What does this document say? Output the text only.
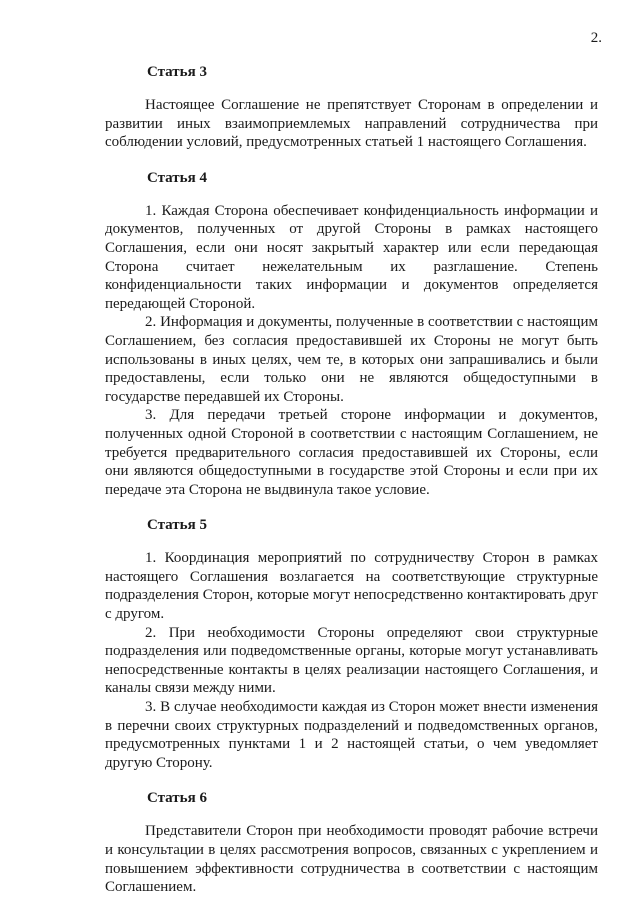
2.
Статья 3

Настоящее Соглашение не препятствует Сторонам в определении и развитии иных взаимоприемлемых направлений сотрудничества при соблюдении условий, предусмотренных статьей 1 настоящего Соглашения.

Статья 4

1. Каждая Сторона обеспечивает конфиденциальность информации и документов, полученных от другой Стороны в рамках настоящего Соглашения, если они носят закрытый характер или если передающая Сторона считает нежелательным их разглашение. Степень конфиденциальности таких информации и документов определяется передающей Стороной.

2. Информация и документы, полученные в соответствии с настоящим Соглашением, без согласия предоставившей их Стороны не могут быть использованы в иных целях, чем те, в которых они запрашивались и были предоставлены, если только они не являются общедоступными в государстве передавшей их Стороны.

3. Для передачи третьей стороне информации и документов, полученных одной Стороной в соответствии с настоящим Соглашением, не требуется предварительного согласия предоставившей их Стороны, если они являются общедоступными в государстве этой Стороны и если при их передаче эта Сторона не выдвинула такое условие.

Статья 5

1. Координация мероприятий по сотрудничеству Сторон в рамках настоящего Соглашения возлагается на соответствующие структурные подразделения Сторон, которые могут непосредственно контактировать друг с другом.

2. При необходимости Стороны определяют свои структурные подразделения или подведомственные органы, которые могут устанавливать непосредственные контакты в целях реализации настоящего Соглашения, и каналы связи между ними.

3. В случае необходимости каждая из Сторон может внести изменения в перечни своих структурных подразделений и подведомственных органов, предусмотренных пунктами 1 и 2 настоящей статьи, о чем уведомляет другую Сторону.

Статья 6

Представители Сторон при необходимости проводят рабочие встречи и консультации в целях рассмотрения вопросов, связанных с укреплением и повышением эффективности сотрудничества в соответствии с настоящим Соглашением.
